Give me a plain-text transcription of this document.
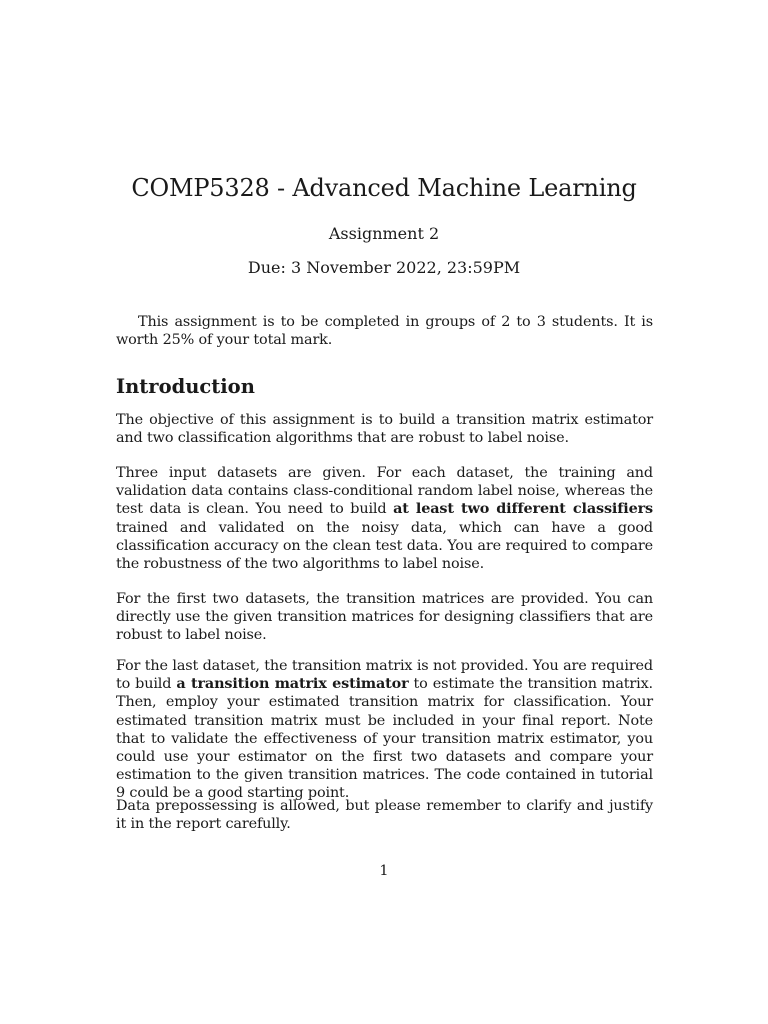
COMP5328 - Advanced Machine Learning
Assignment 2
Due: 3 November 2022, 23:59PM

This assignment is to be completed in groups of 2 to 3 students. It is worth 25% of your total mark.

Introduction

The objective of this assignment is to build a transition matrix estimator and two classification algorithms that are robust to label noise.

Three input datasets are given. For each dataset, the training and validation data contains class-conditional random label noise, whereas the test data is clean. You need to build at least two different classifiers trained and validated on the noisy data, which can have a good classification accuracy on the clean test data. You are required to compare the robustness of the two algorithms to label noise.

For the first two datasets, the transition matrices are provided. You can directly use the given transition matrices for designing classifiers that are robust to label noise.

For the last dataset, the transition matrix is not provided. You are required to build a transition matrix estimator to estimate the transition matrix. Then, employ your estimated transition matrix for classification. Your estimated transition matrix must be included in your final report. Note that to validate the effectiveness of your transition matrix estimator, you could use your estimator on the first two datasets and compare your estimation to the given transition matrices. The code contained in tutorial 9 could be a good starting point.

Data prepossessing is allowed, but please remember to clarify and justify it in the report carefully.

1
